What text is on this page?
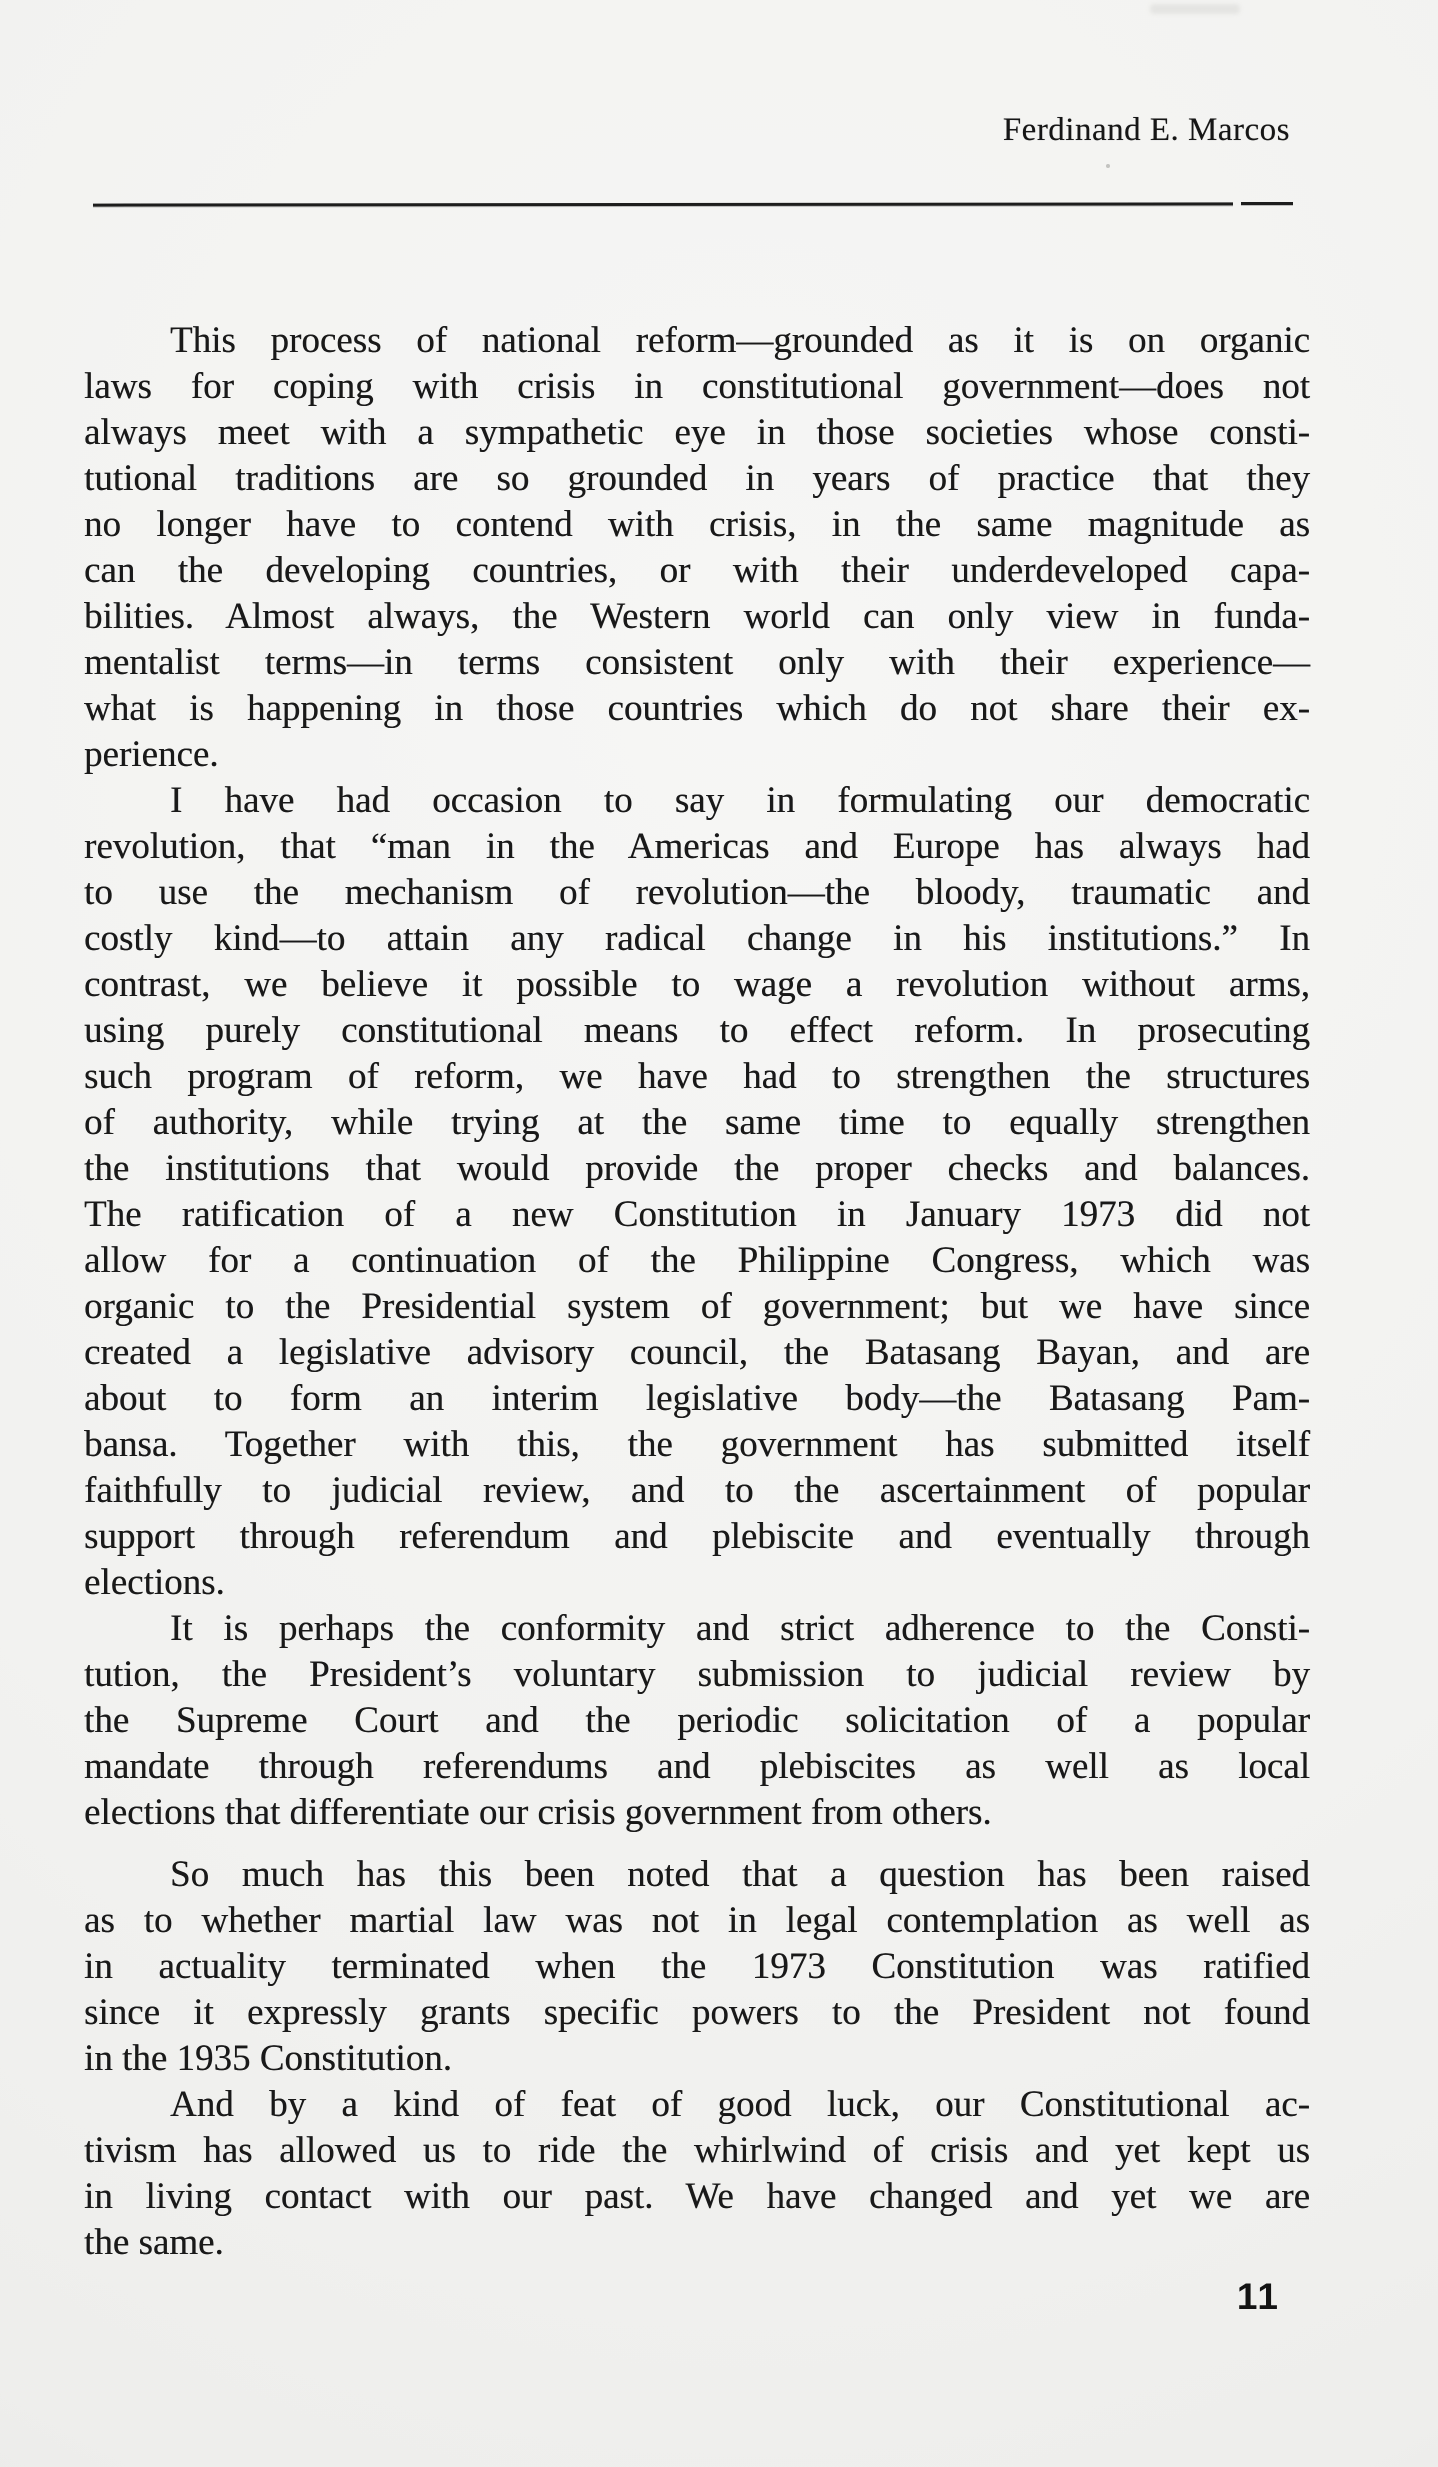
Ferdinand E. Marcos
This process of national reform—grounded as it is on organic
laws for coping with crisis in constitutional government—does not
always meet with a sympathetic eye in those societies whose consti-
tutional traditions are so grounded in years of practice that they
no longer have to contend with crisis, in the same magnitude as
can the developing countries, or with their underdeveloped capa-
bilities. Almost always, the Western world can only view in funda-
mentalist terms—in terms consistent only with their experience—
what is happening in those countries which do not share their ex-
perience.
I have had occasion to say in formulating our democratic
revolution, that “man in the Americas and Europe has always had
to use the mechanism of revolution—the bloody, traumatic and
costly kind—to attain any radical change in his institutions.” In
contrast, we believe it possible to wage a revolution without arms,
using purely constitutional means to effect reform. In prosecuting
such program of reform, we have had to strengthen the structures
of authority, while trying at the same time to equally strengthen
the institutions that would provide the proper checks and balances.
The ratification of a new Constitution in January 1973 did not
allow for a continuation of the Philippine Congress, which was
organic to the Presidential system of government; but we have since
created a legislative advisory council, the Batasang Bayan, and are
about to form an interim legislative body—the Batasang Pam-
bansa. Together with this, the government has submitted itself
faithfully to judicial review, and to the ascertainment of popular
support through referendum and plebiscite and eventually through
elections.
It is perhaps the conformity and strict adherence to the Consti-
tution, the President’s voluntary submission to judicial review by
the Supreme Court and the periodic solicitation of a popular
mandate through referendums and plebiscites as well as local
elections that differentiate our crisis government from others.
So much has this been noted that a question has been raised
as to whether martial law was not in legal contemplation as well as
in actuality terminated when the 1973 Constitution was ratified
since it expressly grants specific powers to the President not found
in the 1935 Constitution.
And by a kind of feat of good luck, our Constitutional ac-
tivism has allowed us to ride the whirlwind of crisis and yet kept us
in living contact with our past. We have changed and yet we are
the same.
11
